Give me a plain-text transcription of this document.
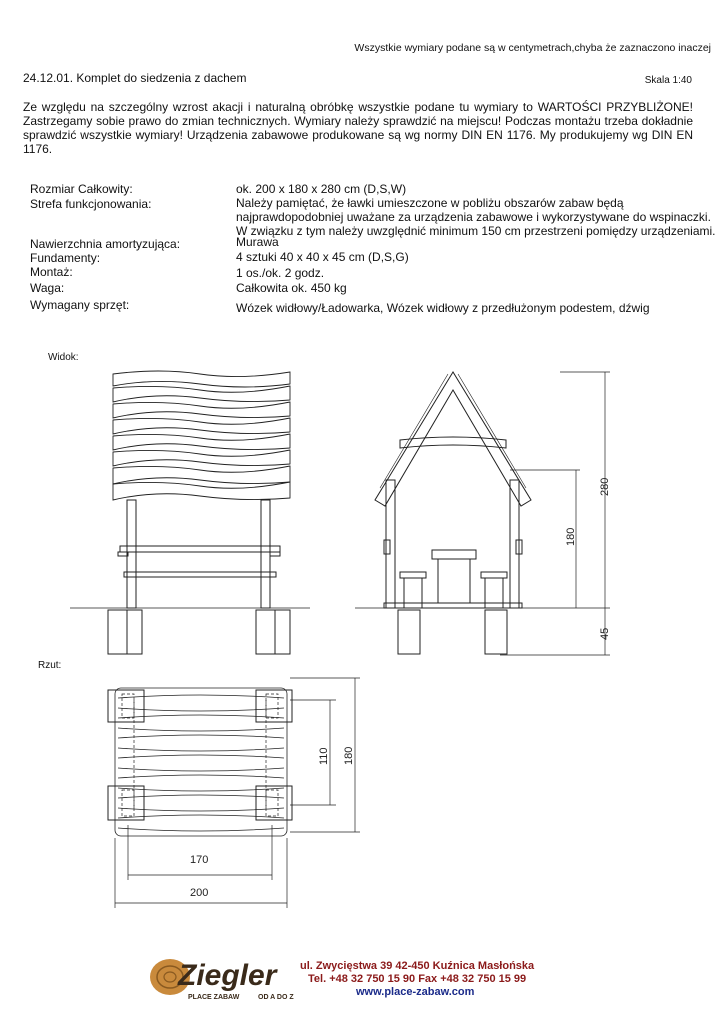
Wszystkie wymiary podane są w centymetrach,chyba że zaznaczono inaczej
24.12.01. Komplet do siedzenia z dachem	Skala 1:40
Ze względu na szczególny wzrost akacji i naturalną obróbkę wszystkie podane tu wymiary to WARTOŚCI PRZYBLIŻONE!
Zastrzegamy sobie prawo do zmian technicznych. Wymiary należy sprawdzić na miejscu! Podczas montażu trzeba dokładnie
sprawdzić wszystkie wymiary! Urządzenia zabawowe produkowane są wg normy DIN EN 1176. My produkujemy wg DIN EN 1176.
Rozmiar Całkowity:	ok. 200 x 180 x 280 cm (D,S,W)
Strefa funkcjonowania:	Należy pamiętać, że ławki umieszczone w pobliżu obszarów zabaw będą
najprawdopodobniej uważane za urządzenia zabawowe i wykorzystywane do wspinaczki.
W związku z tym należy uwzględnić minimum 150 cm przestrzeni pomiędzy urządzeniami.
Nawierzchnia amortyzująca:	Murawa
Fundamenty:	4 sztuki 40 x 40 x 45 cm (D,S,G)
Montaż:	1 os./ok. 2 godz.
Waga:	Całkowita ok. 450 kg
Wymagany sprzęt:	Wózek widłowy/Ładowarka, Wózek widłowy z przedłużonym podestem, dźwig
Widok:
Rzut:
280
180
45
110 180
170
200
Ziegler
PLACE ZABAW	OD A DO Z
ul. Zwycięstwa 39 42-450 Kuźnica Masłońska
Tel. +48 32 750 15 90 Fax +48 32 750 15 99
www.place-zabaw.com
